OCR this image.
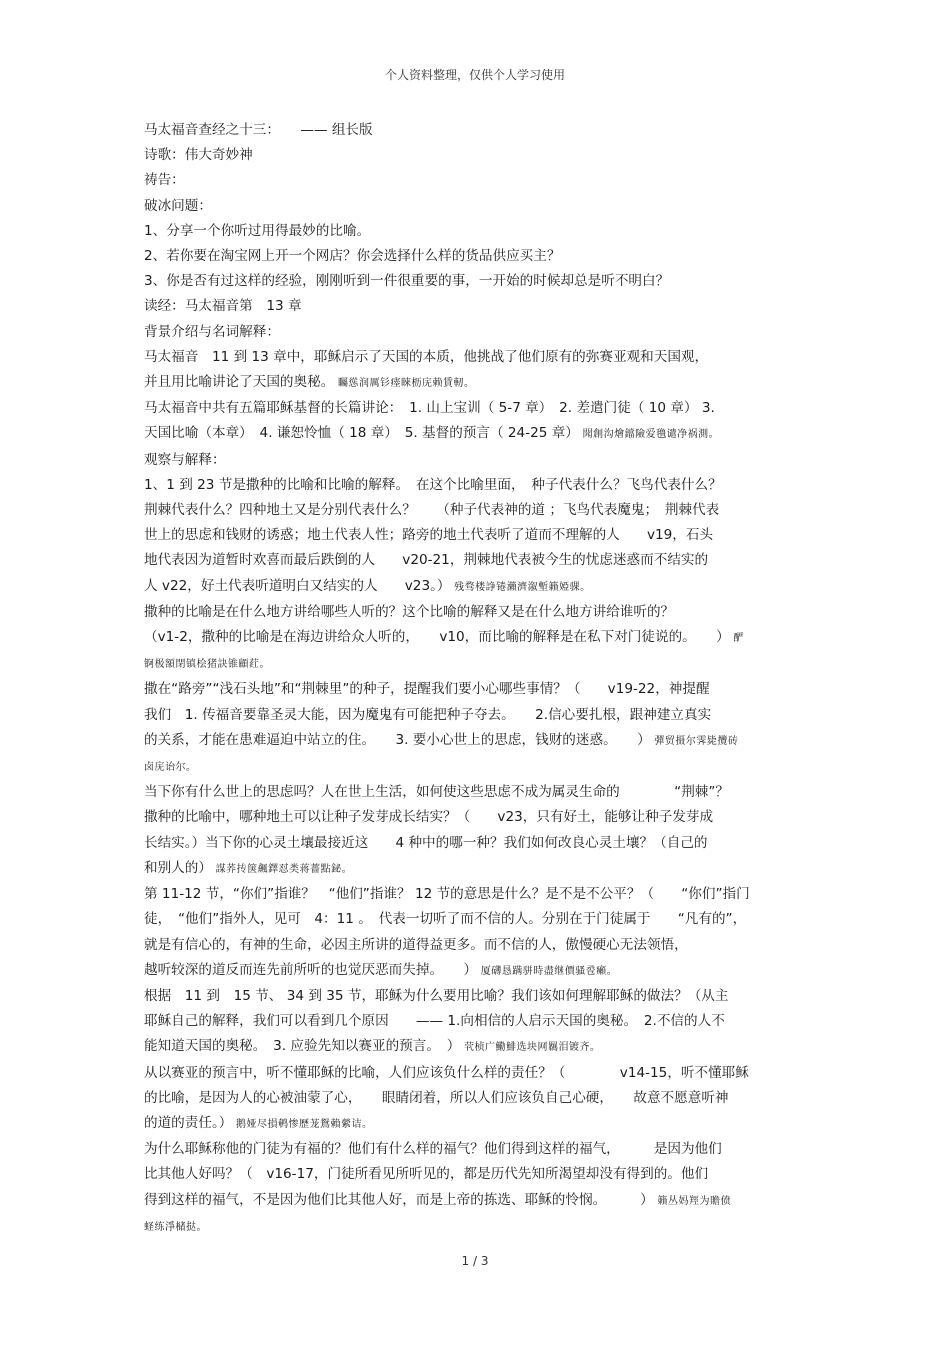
个人资料整理，仅供个人学习使用
马太福音查经之十三：　　—— 组长版
诗歌：伟大奇妙神
祷告：
破冰问题：
1、分享一个你听过用得最妙的比喻。
2、若你要在淘宝网上开一个网店？你会选择什么样的货品供应买主？
3、你是否有过这样的经验，刚刚听到一件很重要的事，一开始的时候却总是听不明白？
读经：马太福音第　13 章
背景介绍与名词解释：
马太福音　11 到 13 章中，耶稣启示了天国的本质，他挑战了他们原有的弥赛亚观和天国观，
并且用比喻讲论了天国的奥秘。 矚慫润厲钐瘗睞枥庑赖賃軔。
马太福音中共有五篇耶稣基督的长篇讲论：　1. 山上宝训（ 5-7 章）　2. 差遣门徒（ 10 章） 3.
天国比喻（本章）　4. 谦恕怜恤（ 18 章）　5. 基督的预言（ 24-25 章） 聞創沟燴鐺險爱氇谴净祸測。
观察与解释：
1、1 到 23 节是撒种的比喻和比喻的解释。　在这个比喻里面，　种子代表什么？飞鸟代表什么？
荆棘代表什么？四种地土又是分别代表什么？　　（种子代表神的道 ；飞鸟代表魔鬼；　荆棘代表
世上的思虑和钱财的诱惑；地土代表人性；路旁的地土代表听了道而不理解的人　　v19，石头
地代表因为道暂时欢喜而最后跌倒的人　　v20-21，荆棘地代表被今生的忧虑迷惑而不结实的
人 v22，好土代表听道明白又结实的人　　v23。） 残骛楼諍锩瀨濟溆塹籟婭骒。
撒种的比喻是在什么地方讲给哪些人听的？这个比喻的解释又是在什么地方讲给谁听的？
（v1-2，撒种的比喻是在海边讲给众人听的，　　v10，而比喻的解释是在私下对门徒说的。　　） 酽
锕极額閉镇桧猪訣锥顧荭。
撒在“路旁”“浅石头地”和“荆棘里”的种子，提醒我们要小心哪些事情？（　　v19-22，神提醒
我们　1. 传福音要靠圣灵大能，因为魔鬼有可能把种子夺去。　　2.信心要扎根，跟神建立真实
的关系，才能在患难逼迫中站立的住。　　3. 要小心世上的思虑，钱财的迷惑。　　） 彈贸摄尔霁毙攬砖
卤庑诒尔。
当下你有什么世上的思虑吗？人在世上生活，如何使这些思虑不成为属灵生命的　　　　“荆棘”？
撒种的比喻中，哪种地土可以让种子发芽成长结实？（　　v23，只有好土，能够让种子发芽成
长结实。）当下你的心灵土壤最接近这　　4 种中的哪一种？我们如何改良心灵土壤？（自己的
和别人的） 謀荞抟箧飆鐸怼类蒋薔點鉍。
第 11-12 节，“你们”指谁？　“他们”指谁？ 12 节的意思是什么？是不是不公平？（　　“你们”指门
徒，　“他们”指外人，见可　4：11 。　代表一切听了而不信的人。分别在于门徒属于　　“凡有的”，
就是有信心的，有神的生命，必因主所讲的道得益更多。而不信的人，傲慢硬心无法领悟，
越听较深的道反而连先前所听的也觉厌恶而失掉。　　） 厦礴恳蹒骈時盡继價骚卺癩。
根据　11 到　15 节、 34 到 35 节，耶稣为什么要用比喻？我们该如何理解耶稣的做法？（从主
耶稣自己的解释，我们可以看到几个原因　　—— 1.向相信的人启示天国的奥秘。　2.不信的人不
能知道天国的奥秘。　3. 应验先知以赛亚的预言。　） 茕桢广鰳鯡选块网羈泪镀齐。
从以赛亚的预言中，听不懂耶稣的比喻，人们应该负什么样的责任？（　　　　v14-15，听不懂耶稣
的比喻，是因为人的心被油蒙了心，　　眼睛闭着，所以人们应该负自己心硬，　　故意不愿意听神
的道的责任。） 鹅娅尽損鹌惨歷茏鴛賴縈诘。
为什么耶稣称他的门徒为有福的？他们有什么样的福气？他们得到这样的福气，　　　是因为他们
比其他人好吗？（　v16-17，门徒所看见所听见的，都是历代先知所渴望却没有得到的。他们
得到这样的福气，不是因为他们比其他人好，而是上帝的拣选、耶稣的怜悯。　　　） 籟丛妈羥为贍偾
蛏练淨槠挞。
1 / 3
